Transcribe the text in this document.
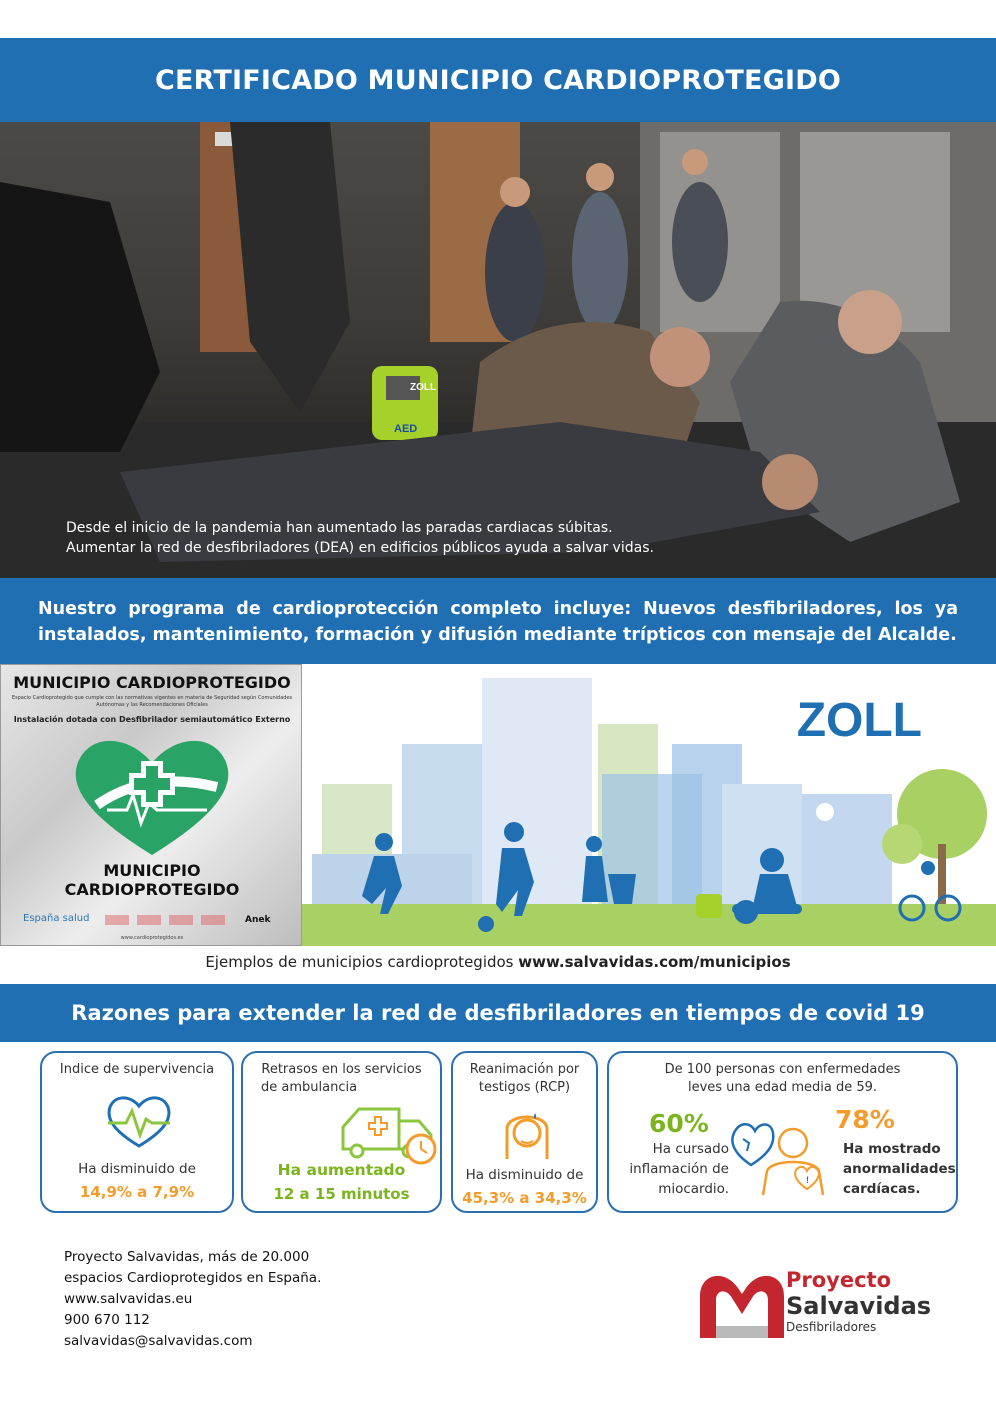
CERTIFICADO MUNICIPIO CARDIOPROTEGIDO
ZOLL
AED
Desde el inicio de la pandemia han aumentado las paradas cardiacas súbitas.
Aumentar la red de desfibriladores (DEA) en edificios públicos ayuda a salvar vidas.

Nuestro programa de cardioprotección completo incluye: Nuevos desfibriladores, los ya

instalados, mantenimiento, formación y difusión mediante trípticos con mensaje del Alcalde.

MUNICIPIO CARDIOPROTEGIDO
Espacio Cardioprotegido que cumple con las normativas vigentes en materia de Seguridad según Comunidades Autónomas y las Recomendaciones Oficiales
Instalación dotada con Desfibrilador semiautomático Externo
MUNICIPIO
CARDIOPROTEGIDO
España salud	Anek
www.cardioprotegidos.es
ZOLL
Ejemplos de municipios cardioprotegidos www.salvavidas.com/municipios
Razones para extender la red de desfibriladores en tiempos de covid 19
Indice de supervivencia
Ha disminuido de
14,9% a 7,9%
Retrasos en los servicios
de ambulancia
Ha aumentado
12 a 15 minutos
Reanimación por
testigos (RCP)
Ha disminuido de
45,3% a 34,3%
De 100 personas con enfermedades
leves una edad media de 59.
60%
Ha cursado
inflamación de
miocardio.
!
78%
Ha mostrado
anormalidades
cardíacas.
Proyecto Salvavidas, más de 20.000
espacios Cardioprotegidos en España.
www.salvavidas.eu
900 670 112
salvavidas@salvavidas.com
Proyecto
Salvavidas
Desfibriladores
